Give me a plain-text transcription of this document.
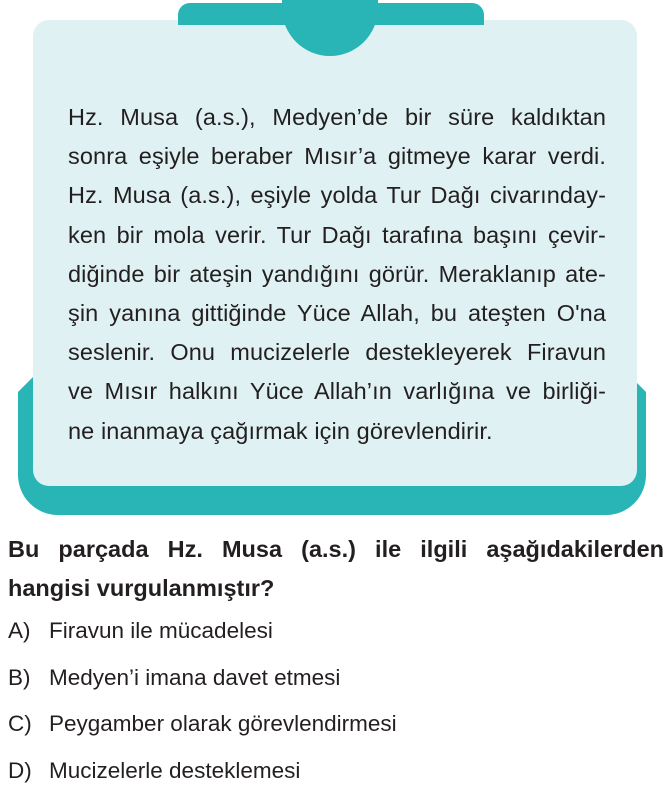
Hz. Musa (a.s.), Medyen’de bir süre kaldıktan
sonra eşiyle beraber Mısır’a gitmeye karar verdi.
Hz. Musa (a.s.), eşiyle yolda Tur Dağı civarınday-
ken bir mola verir. Tur Dağı tarafına başını çevir-
diğinde bir ateşin yandığını görür. Meraklanıp ate-
şin yanına gittiğinde Yüce Allah, bu ateşten O'na
seslenir. Onu mucizelerle destekleyerek Firavun
ve Mısır halkını Yüce Allah’ın varlığına ve birliği-
ne inanmaya çağırmak için görevlendirir.

Bu parçada Hz. Musa (a.s.) ile ilgili aşağıdakilerden
hangisi vurgulanmıştır?

A) Firavun ile mücadelesi
B) Medyen’i imana davet etmesi
C) Peygamber olarak görevlendirmesi
D) Mucizelerle desteklemesi
